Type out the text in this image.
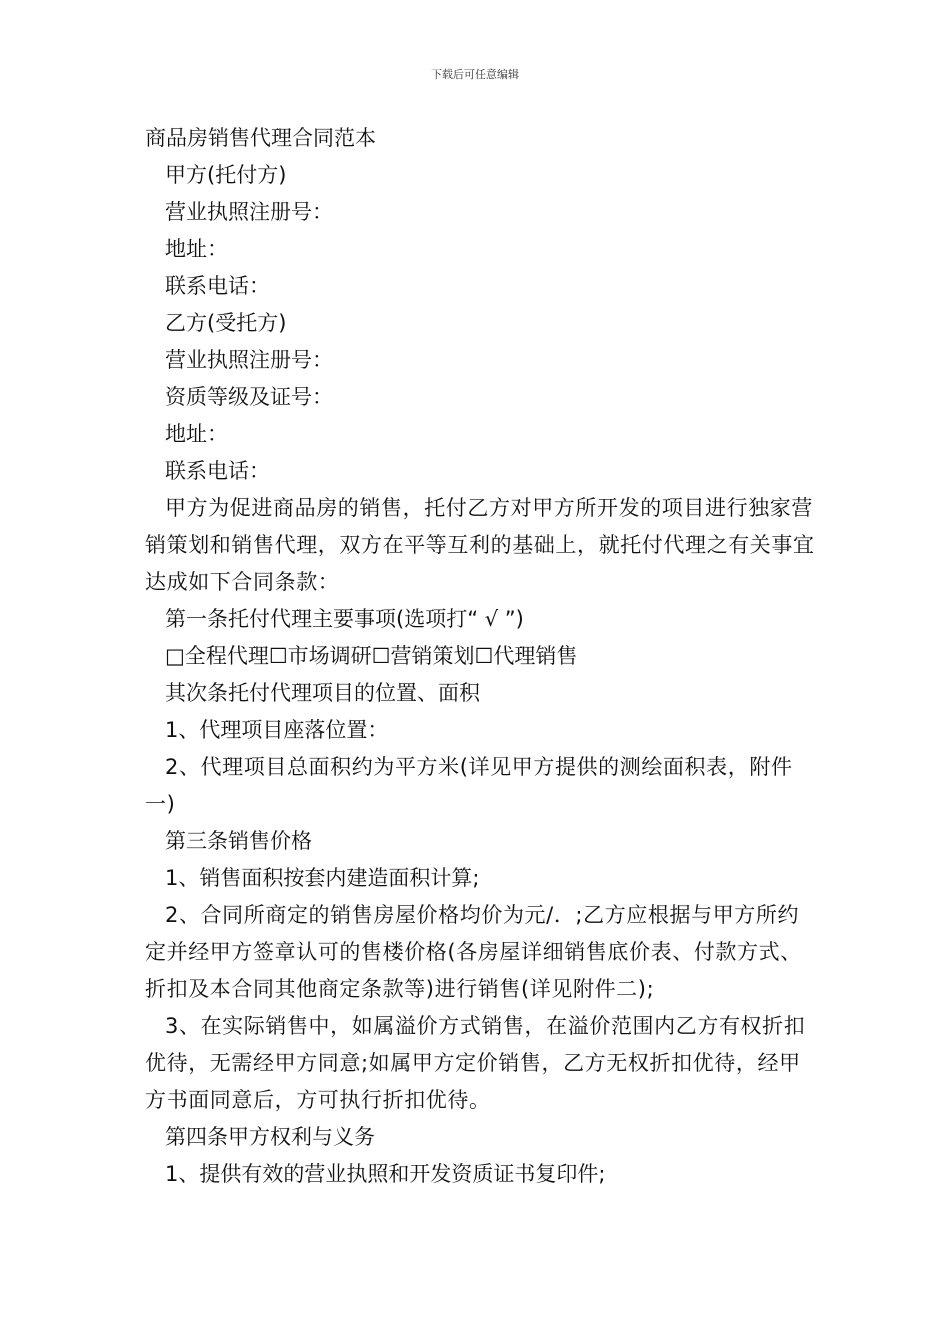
下载后可任意编辑
商品房销售代理合同范本
甲方(托付方)
营业执照注册号：
地址：
联系电话：
乙方(受托方)
营业执照注册号：
资质等级及证号：
地址：
联系电话：
甲方为促进商品房的销售，托付乙方对甲方所开发的项目进行独家营销策划和销售代理，双方在平等互利的基础上，就托付代理之有关事宜达成如下合同条款：
第一条托付代理主要事项(选项打“ √ ”)
□全程代理☐市场调研☐营销策划☐代理销售
其次条托付代理项目的位置、面积
1、代理项目座落位置：
2、代理项目总面积约为平方米(详见甲方提供的测绘面积表，附件一)
第三条销售价格
1、销售面积按套内建造面积计算;
2、合同所商定的销售房屋价格均价为元/．;乙方应根据与甲方所约定并经甲方签章认可的售楼价格(各房屋详细销售底价表、付款方式、折扣及本合同其他商定条款等)进行销售(详见附件二);
3、在实际销售中，如属溢价方式销售，在溢价范围内乙方有权折扣优待，无需经甲方同意;如属甲方定价销售，乙方无权折扣优待，经甲方书面同意后，方可执行折扣优待。
第四条甲方权利与义务
1、提供有效的营业执照和开发资质证书复印件;
